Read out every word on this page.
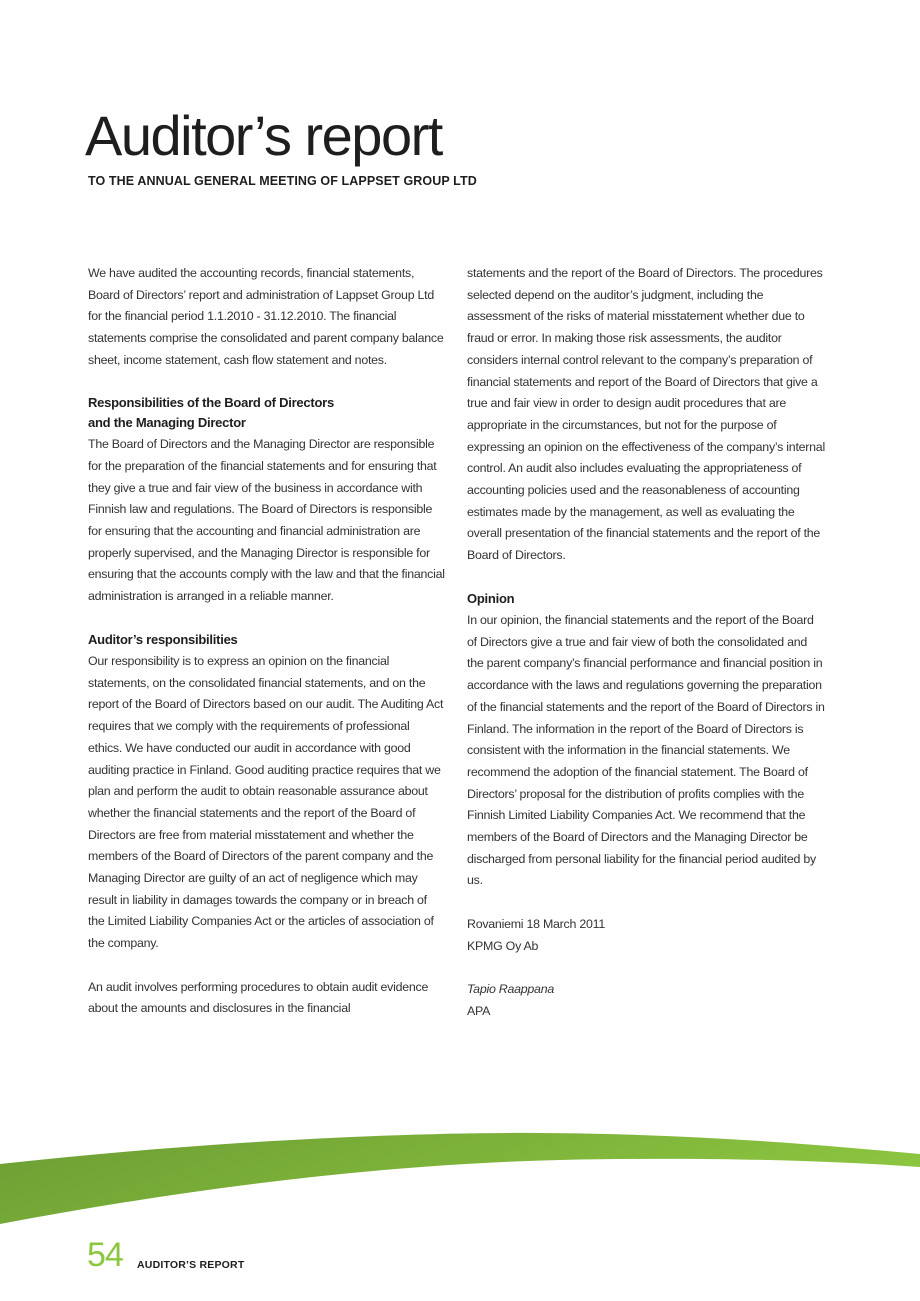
Auditor’s report
TO THE ANNUAL GENERAL MEETING OF LAPPSET GROUP LTD

We have audited the accounting records, financial statements, Board of Directors’ report and administration of Lappset Group Ltd for the financial period 1.1.2010 - 31.12.2010. The financial statements comprise the consolidated and parent company balance sheet, income statement, cash flow statement and notes.

Responsibilities of the Board of Directors
and the Managing Director

The Board of Directors and the Managing Director are responsible for the preparation of the financial statements and for ensuring that they give a true and fair view of the business in accordance with Finnish law and regulations. The Board of Directors is responsible for ensuring that the accounting and financial administration are properly supervised, and the Managing Director is responsible for ensuring that the accounts comply with the law and that the financial administration is arranged in a reliable manner.

Auditor’s responsibilities

Our responsibility is to express an opinion on the financial statements, on the consolidated financial statements, and on the report of the Board of Directors based on our audit. The Auditing Act requires that we comply with the requirements of professional ethics. We have conducted our audit in accordance with good auditing practice in Finland. Good auditing practice requires that we plan and perform the audit to obtain reasonable assurance about whether the financial statements and the report of the Board of Directors are free from material misstatement and whether the members of the Board of Directors of the parent company and the Managing Director are guilty of an act of negligence which may result in liability in damages towards the company or in breach of the Limited Liability Companies Act or the articles of association of the company.

An audit involves performing procedures to obtain audit evidence about the amounts and disclosures in the financial

statements and the report of the Board of Directors. The procedures selected depend on the auditor’s judgment, including the assessment of the risks of material misstatement whether due to fraud or error. In making those risk assessments, the auditor considers internal control relevant to the company’s preparation of financial statements and report of the Board of Directors that give a true and fair view in order to design audit procedures that are appropriate in the circumstances, but not for the purpose of expressing an opinion on the effectiveness of the company’s internal control. An audit also includes evaluating the appropriateness of accounting policies used and the reasonableness of accounting estimates made by the management, as well as evaluating the overall presentation of the financial statements and the report of the Board of Directors.

Opinion

In our opinion, the financial statements and the report of the Board of Directors give a true and fair view of both the consolidated and the parent company’s financial performance and financial position in accordance with the laws and regulations governing the preparation of the financial statements and the report of the Board of Directors in Finland. The information in the report of the Board of Directors is consistent with the information in the financial statements. We recommend the adoption of the financial statement. The Board of Directors’ proposal for the distribution of profits complies with the Finnish Limited Liability Companies Act. We recommend that the members of the Board of Directors and the Managing Director be discharged from personal liability for the financial period audited by us.

Rovaniemi 18 March 2011

KPMG Oy Ab

Tapio Raappana

APA

54 AUDITOR’S REPORT
